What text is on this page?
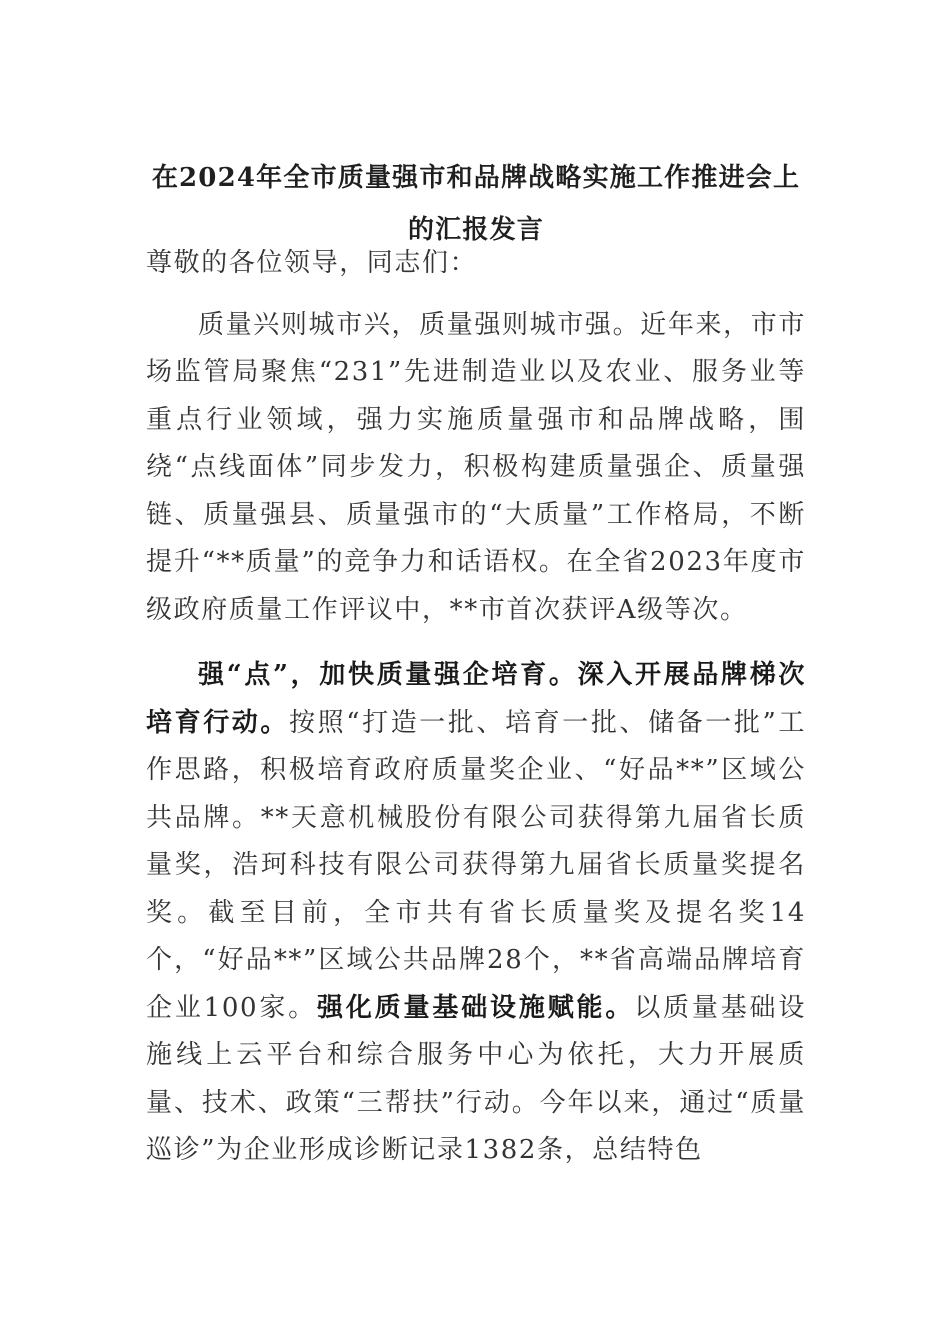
在2024年全市质量强市和品牌战略实施工作推进会上的汇报发言

尊敬的各位领导，同志们：

质量兴则城市兴，质量强则城市强。近年来，市市场监管局聚焦“231”先进制造业以及农业、服务业等重点行业领域，强力实施质量强市和品牌战略，围绕“点线面体”同步发力，积极构建质量强企、质量强链、质量强县、质量强市的“大质量”工作格局，不断提升“**质量”的竞争力和话语权。在全省2023年度市级政府质量工作评议中，**市首次获评A级等次。

强“点”，加快质量强企培育。深入开展品牌梯次培育行动。按照“打造一批、培育一批、储备一批”工作思路，积极培育政府质量奖企业、“好品**”区域公共品牌。**天意机械股份有限公司获得第九届省长质量奖，浩珂科技有限公司获得第九届省长质量奖提名奖。截至目前，全市共有省长质量奖及提名奖14个，“好品**”区域公共品牌28个，**省高端品牌培育企业100家。强化质量基础设施赋能。以质量基础设施线上云平台和综合服务中心为依托，大力开展质量、技术、政策“三帮扶”行动。今年以来，通过“质量巡诊”为企业形成诊断记录1382条，总结特色
